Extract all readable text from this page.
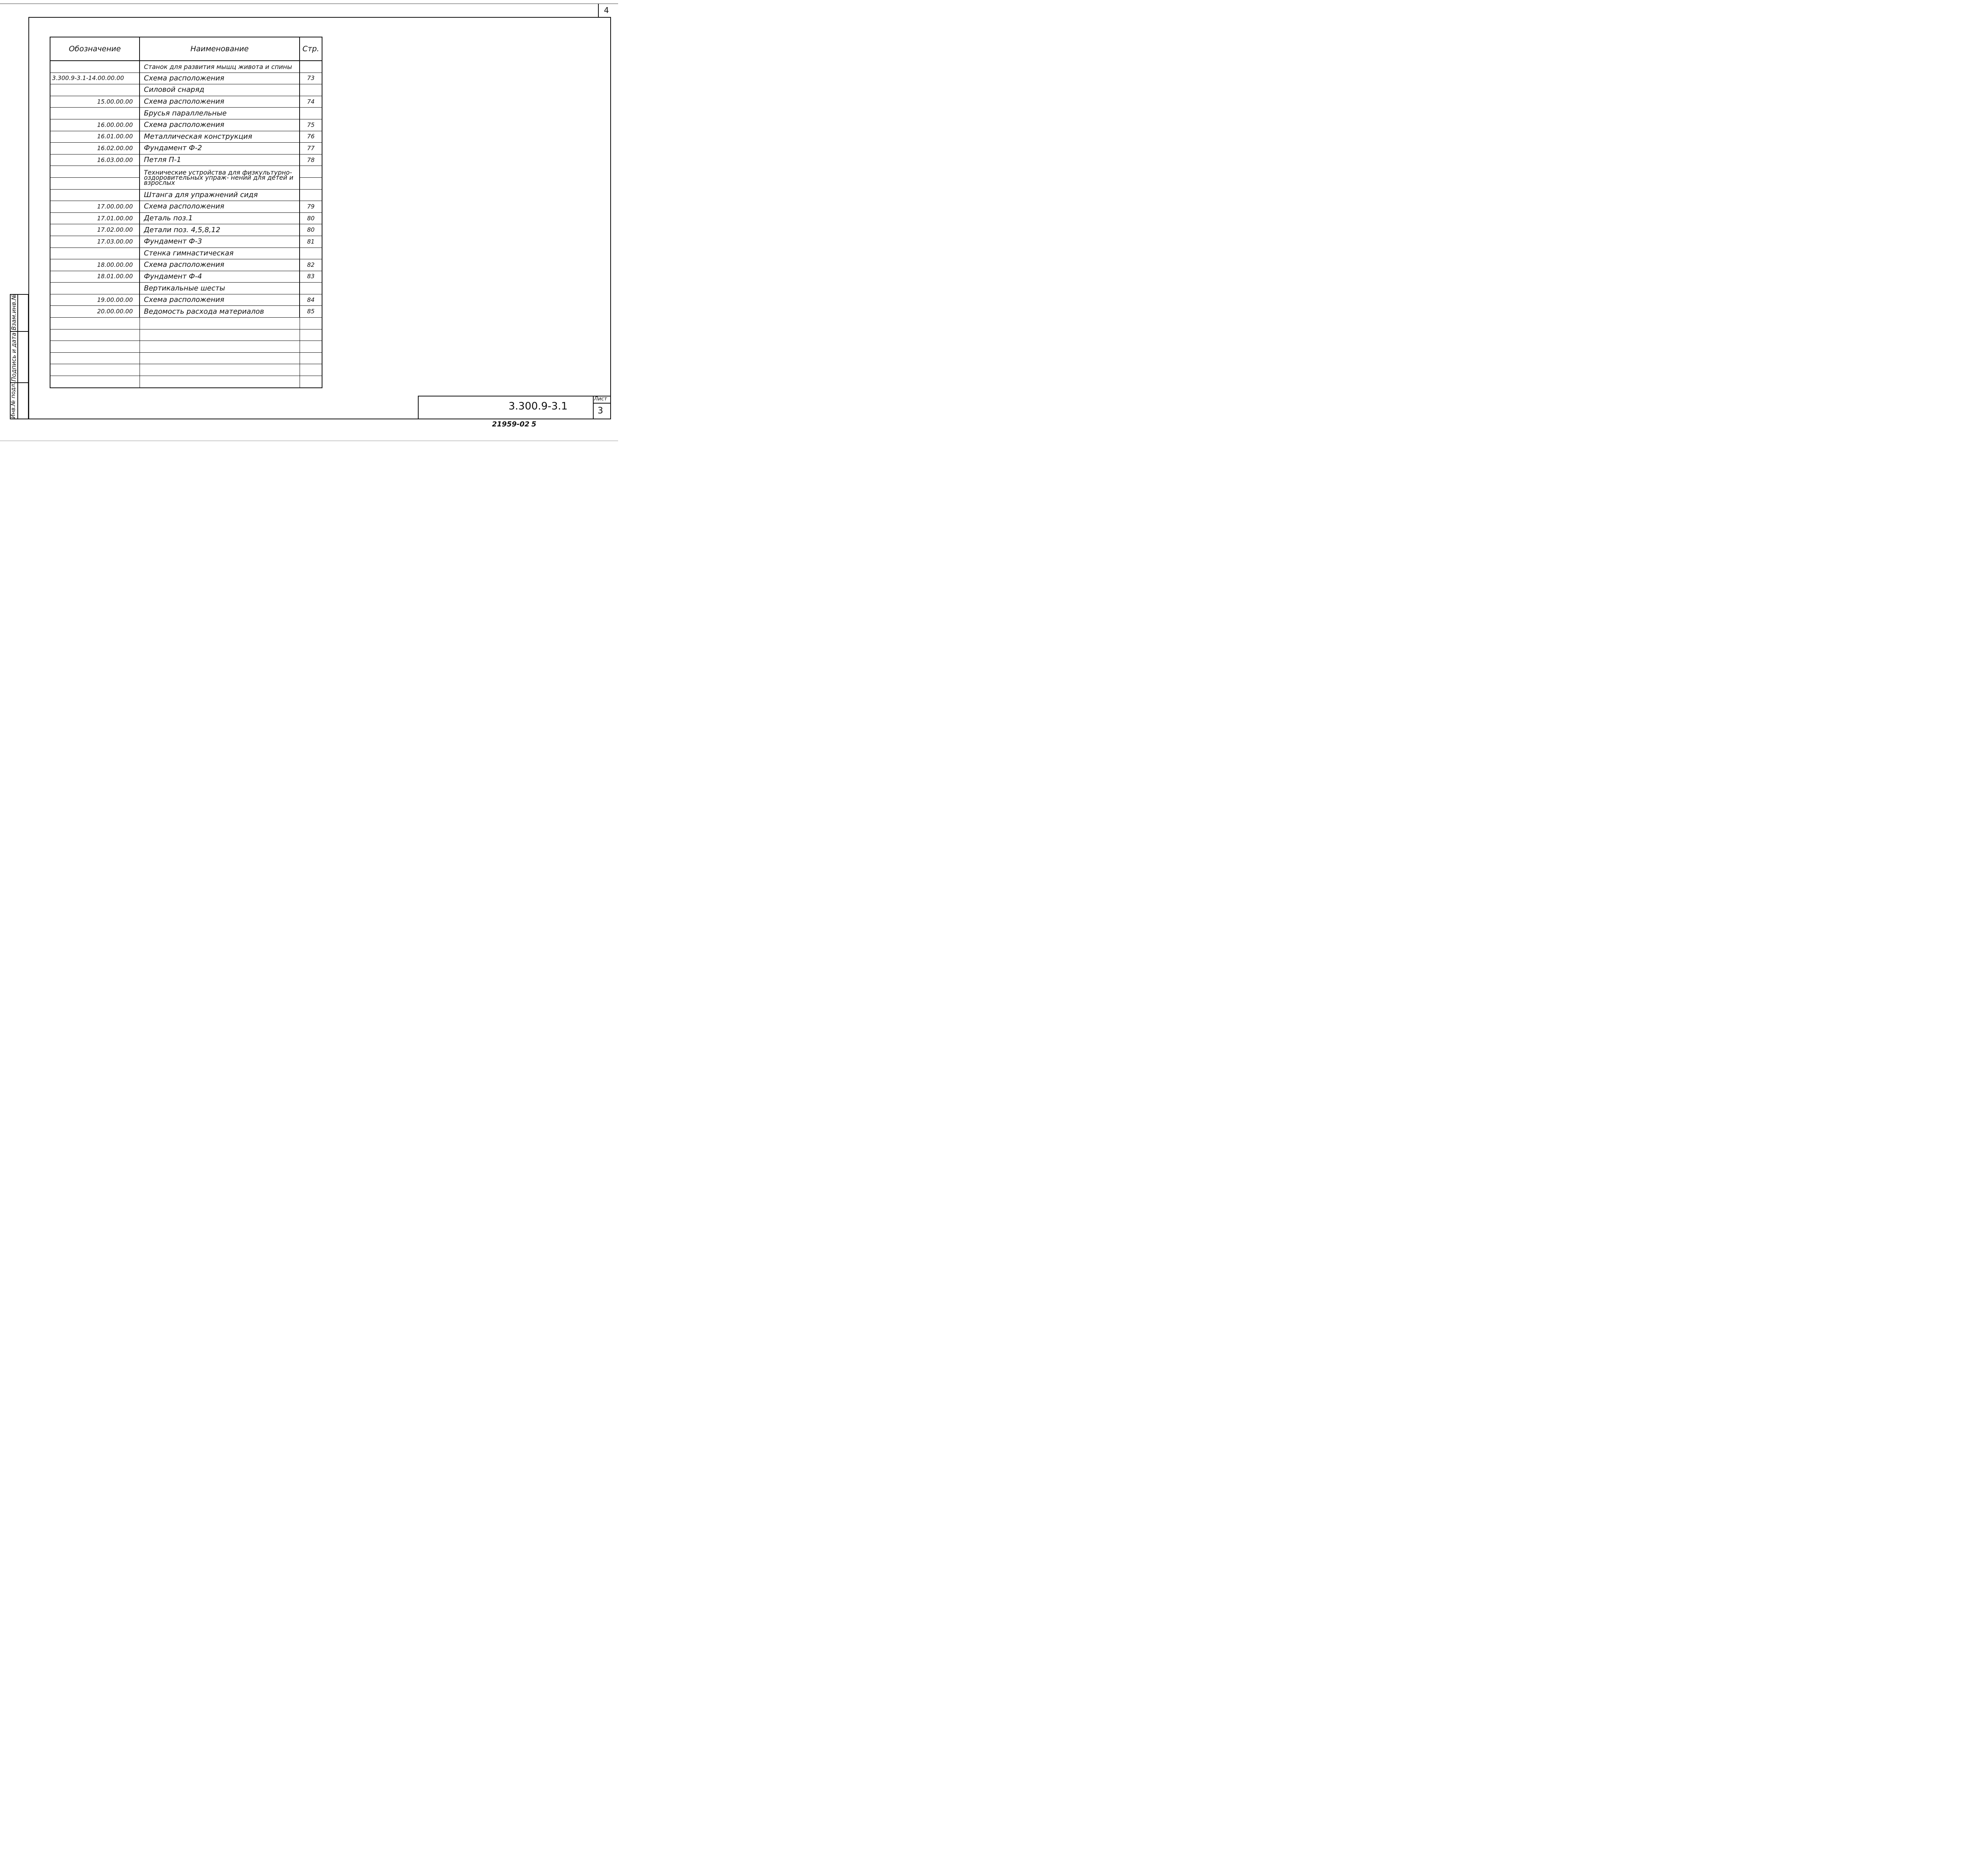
4
Обозначение	Наименование	Стр.
	Станок для развития мышц живота и спины	
3.300.9-3.1-14.00.00.00	Схема расположения	73
	Силовой снаряд	
15.00.00.00	Схема расположения	74
	Брусья параллельные	
16.00.00.00	Схема расположения	75
16.01.00.00	Металлическая конструкция	76
16.02.00.00	Фундамент Ф-2	77
16.03.00.00	Петля П-1	78
	Технические устройства для физкультурно-оздоровительных упраж- нений для детей и взрослых	

	Штанга для упражнений сидя	
17.00.00.00	Схема расположения	79
17.01.00.00	Деталь поз.1	80
17.02.00.00	Детали поз. 4,5,8,12	80
17.03.00.00	Фундамент Ф-3	81
	Стенка гимнастическая	
18.00.00.00	Схема расположения	82
18.01.00.00	Фундамент Ф-4	83
	Вертикальные шесты	
19.00.00.00	Схема расположения	84
20.00.00.00	Ведомость расхода материалов	85

Взам.инв.№
Подпись и дата
Инв.№ подл.	3.300.9-3.1
Лист
3
21959-02 5
